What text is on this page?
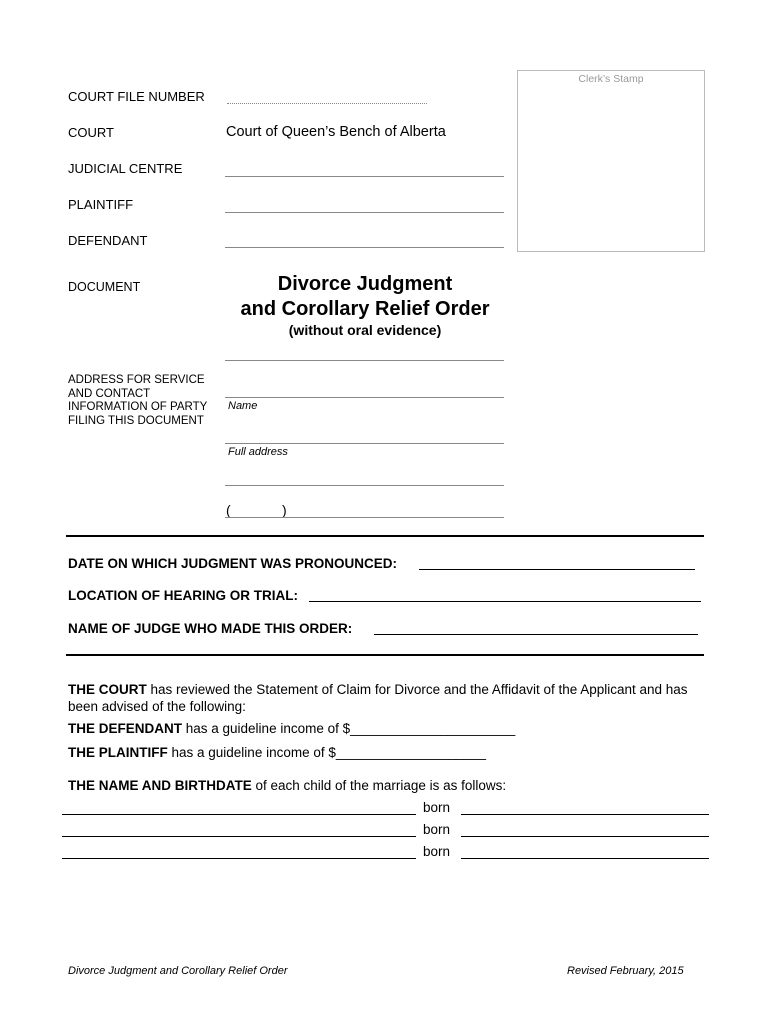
Clerk’s Stamp
COURT FILE NUMBER
COURT	Court of Queen’s Bench of Alberta
JUDICIAL CENTRE
PLAINTIFF
DEFENDANT
DOCUMENT	Divorce Judgment
and Corollary Relief Order
(without oral evidence)
ADDRESS FOR SERVICE
AND CONTACT
INFORMATION OF PARTY
FILING THIS DOCUMENT
Name
Full address
(	)
DATE ON WHICH JUDGMENT WAS PRONOUNCED:
LOCATION OF HEARING OR TRIAL:
NAME OF JUDGE WHO MADE THIS ORDER:
THE COURT has reviewed the Statement of Claim for Divorce and the Affidavit of the Applicant and has been advised of the following:
THE DEFENDANT has a guideline income of $______________________
THE PLAINTIFF has a guideline income of $____________________
THE NAME AND BIRTHDATE of each child of the marriage is as follows:
born
born
born
Divorce Judgment and Corollary Relief Order	Revised February, 2015
